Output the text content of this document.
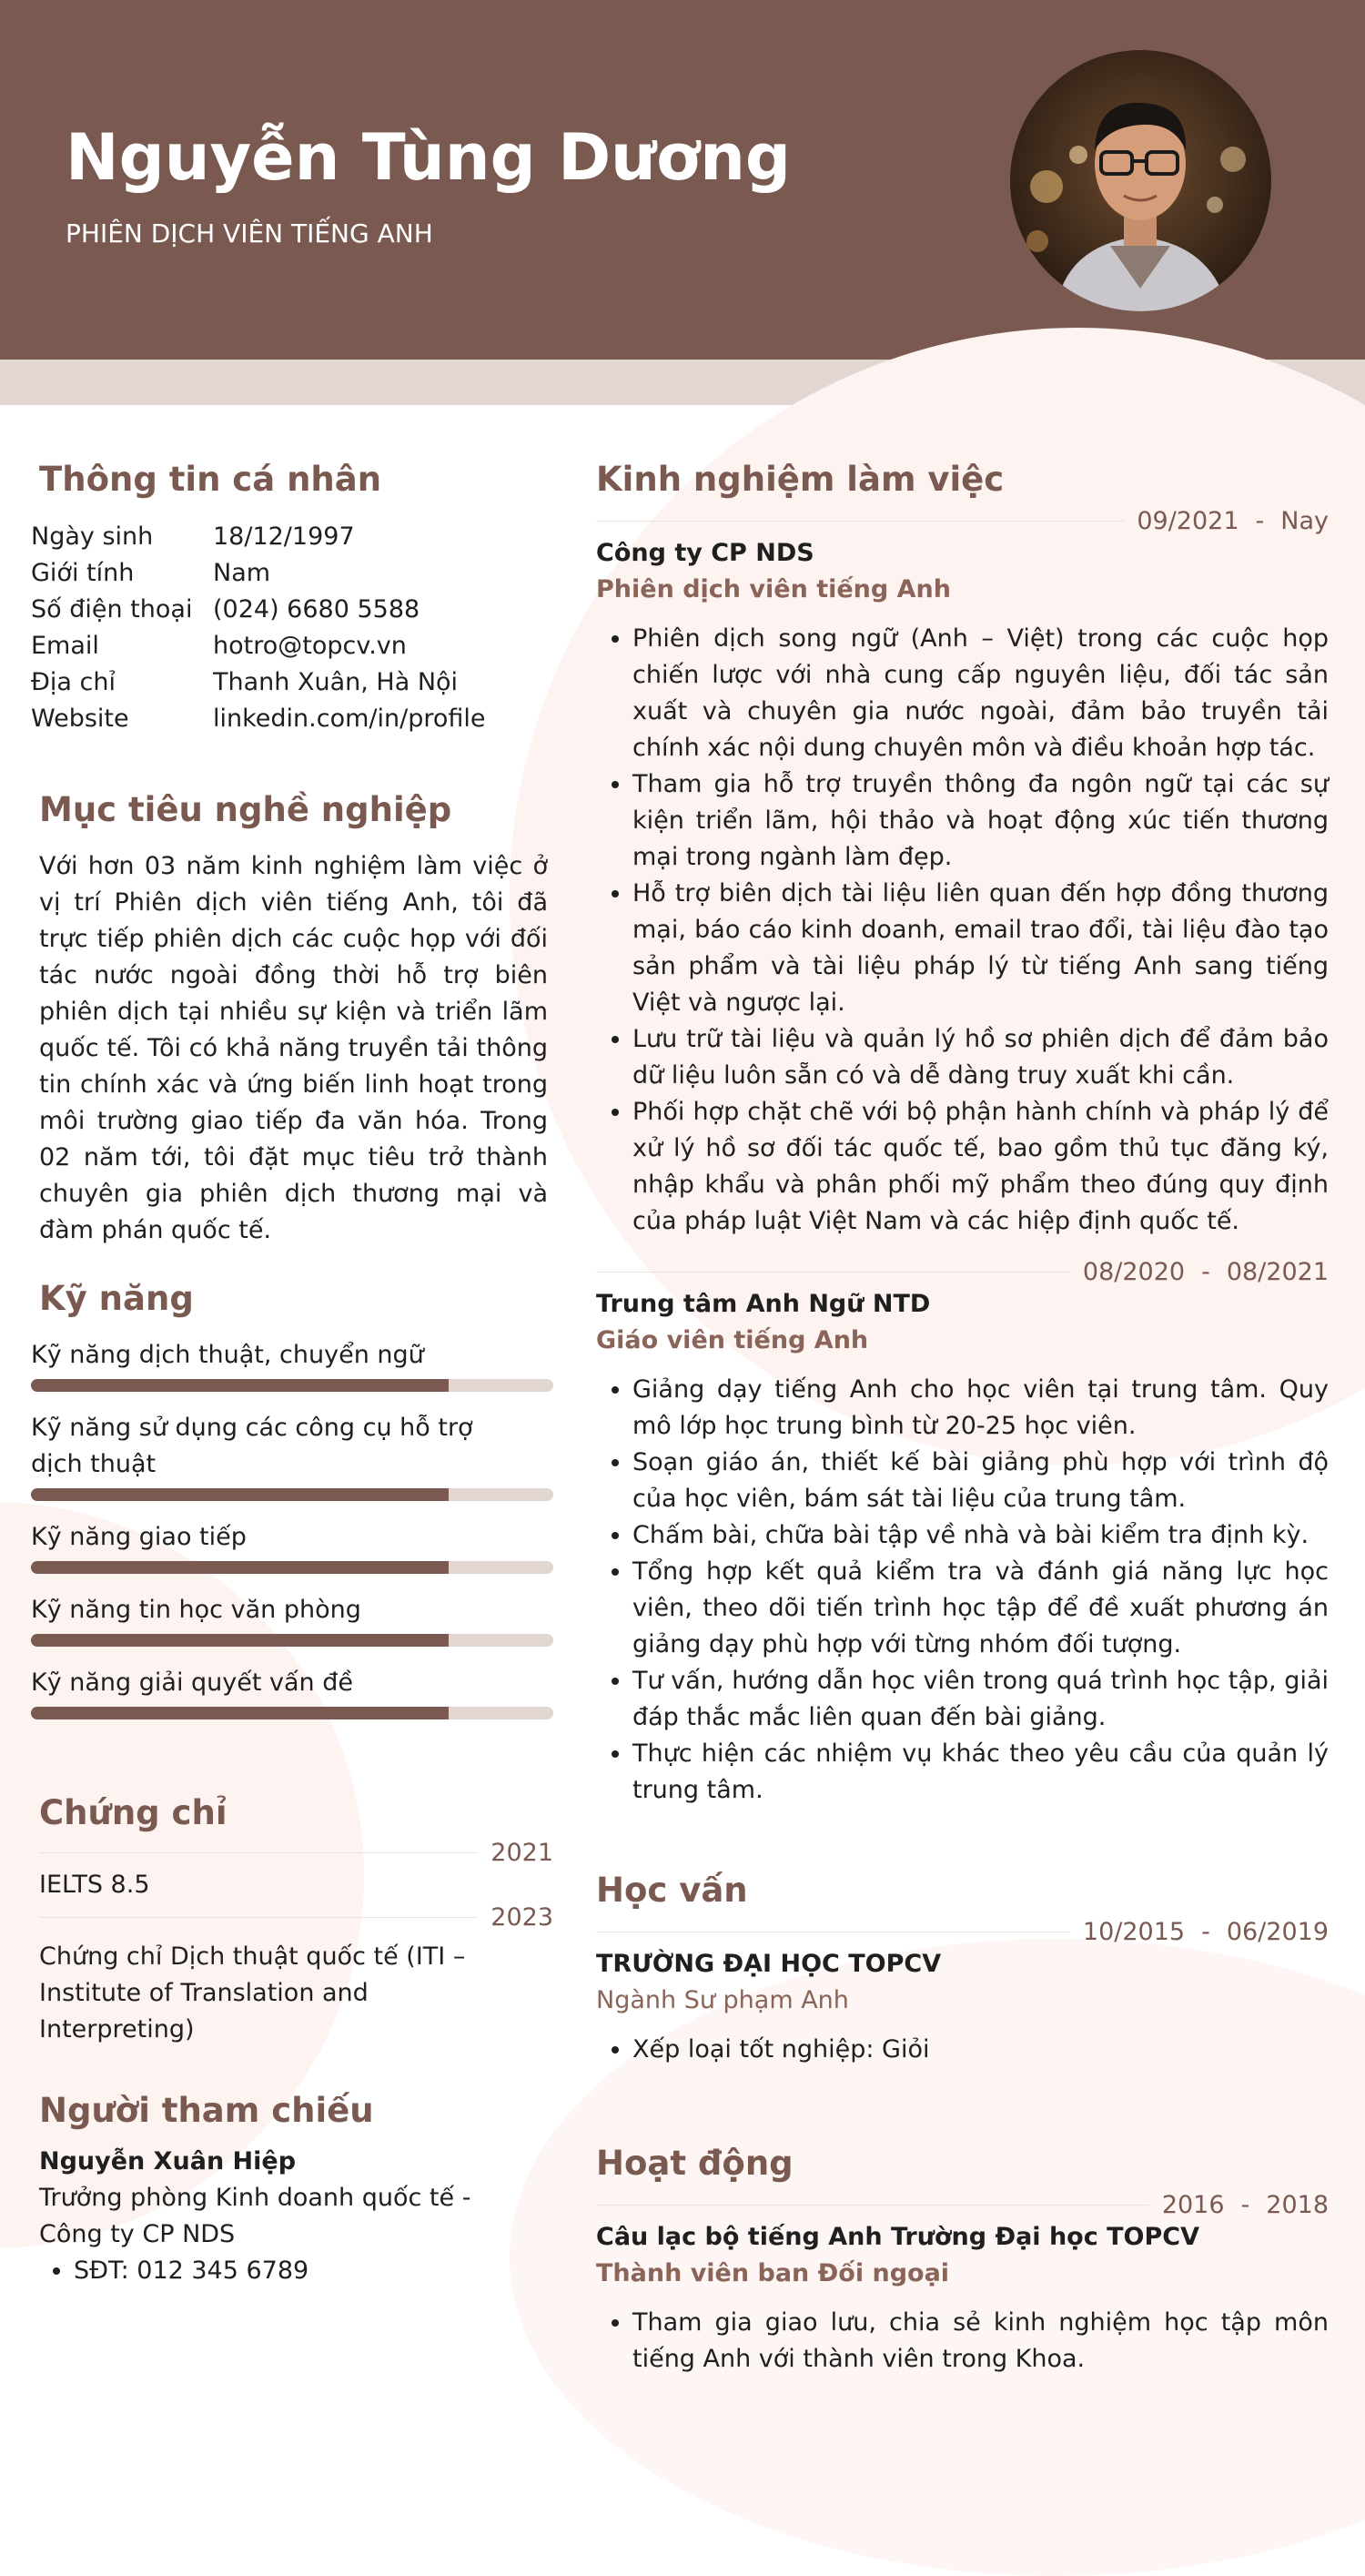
Nguyễn Tùng Dương
PHIÊN DỊCH VIÊN TIẾNG ANH
Thông tin cá nhân
Ngày sinh	18/12/1997
Giới tính	Nam
Số điện thoại (024) 6680 5588
Email	hotro@topcv.vn
Địa chỉ	Thanh Xuân, Hà Nội
Website	linkedin.com/in/profile
Mục tiêu nghề nghiệp

Với hơn 03 năm kinh nghiệm làm việc ở vị trí Phiên dịch viên tiếng Anh, tôi đã trực tiếp phiên dịch các cuộc họp với đối tác nước ngoài đồng thời hỗ trợ biên phiên dịch tại nhiều sự kiện và triển lãm quốc tế. Tôi có khả năng truyền tải thông tin chính xác và ứng biến linh hoạt trong môi trường giao tiếp đa văn hóa. Trong 02 năm tới, tôi đặt mục tiêu trở thành chuyên gia phiên dịch thương mại và đàm phán quốc tế.

Kỹ năng
Kỹ năng dịch thuật, chuyển ngữ
Kỹ năng sử dụng các công cụ hỗ trợ dịch thuật
Kỹ năng giao tiếp
Kỹ năng tin học văn phòng
Kỹ năng giải quyết vấn đề
Chứng chỉ
2021
IELTS 8.5
2023
Chứng chỉ Dịch thuật quốc tế (ITI – Institute of Translation and Interpreting)
Người tham chiếu
Nguyễn Xuân Hiệp
Trưởng phòng Kinh doanh quốc tế - Công ty CP NDS
• SĐT: 012 345 6789
Kinh nghiệm làm việc
09/2021 - Nay
Công ty CP NDS
Phiên dịch viên tiếng Anh
• Phiên dịch song ngữ (Anh – Việt) trong các cuộc họp chiến lược với nhà cung cấp nguyên liệu, đối tác sản xuất và chuyên gia nước ngoài, đảm bảo truyền tải chính xác nội dung chuyên môn và điều khoản hợp tác.
• Tham gia hỗ trợ truyền thông đa ngôn ngữ tại các sự kiện triển lãm, hội thảo và hoạt động xúc tiến thương mại trong ngành làm đẹp.
• Hỗ trợ biên dịch tài liệu liên quan đến hợp đồng thương mại, báo cáo kinh doanh, email trao đổi, tài liệu đào tạo sản phẩm và tài liệu pháp lý từ tiếng Anh sang tiếng Việt và ngược lại.
• Lưu trữ tài liệu và quản lý hồ sơ phiên dịch để đảm bảo dữ liệu luôn sẵn có và dễ dàng truy xuất khi cần.
• Phối hợp chặt chẽ với bộ phận hành chính và pháp lý để xử lý hồ sơ đối tác quốc tế, bao gồm thủ tục đăng ký, nhập khẩu và phân phối mỹ phẩm theo đúng quy định của pháp luật Việt Nam và các hiệp định quốc tế.
08/2020 - 08/2021
Trung tâm Anh Ngữ NTD
Giáo viên tiếng Anh
• Giảng dạy tiếng Anh cho học viên tại trung tâm. Quy mô lớp học trung bình từ 20-25 học viên.
• Soạn giáo án, thiết kế bài giảng phù hợp với trình độ của học viên, bám sát tài liệu của trung tâm.
• Chấm bài, chữa bài tập về nhà và bài kiểm tra định kỳ.
• Tổng hợp kết quả kiểm tra và đánh giá năng lực học viên, theo dõi tiến trình học tập để đề xuất phương án giảng dạy phù hợp với từng nhóm đối tượng.
• Tư vấn, hướng dẫn học viên trong quá trình học tập, giải đáp thắc mắc liên quan đến bài giảng.
• Thực hiện các nhiệm vụ khác theo yêu cầu của quản lý trung tâm.
Học vấn
10/2015 - 06/2019
TRƯỜNG ĐẠI HỌC TOPCV
Ngành Sư phạm Anh
• Xếp loại tốt nghiệp: Giỏi
Hoạt động
2016 - 2018
Câu lạc bộ tiếng Anh Trường Đại học TOPCV
Thành viên ban Đối ngoại
• Tham gia giao lưu, chia sẻ kinh nghiệm học tập môn tiếng Anh với thành viên trong Khoa.
